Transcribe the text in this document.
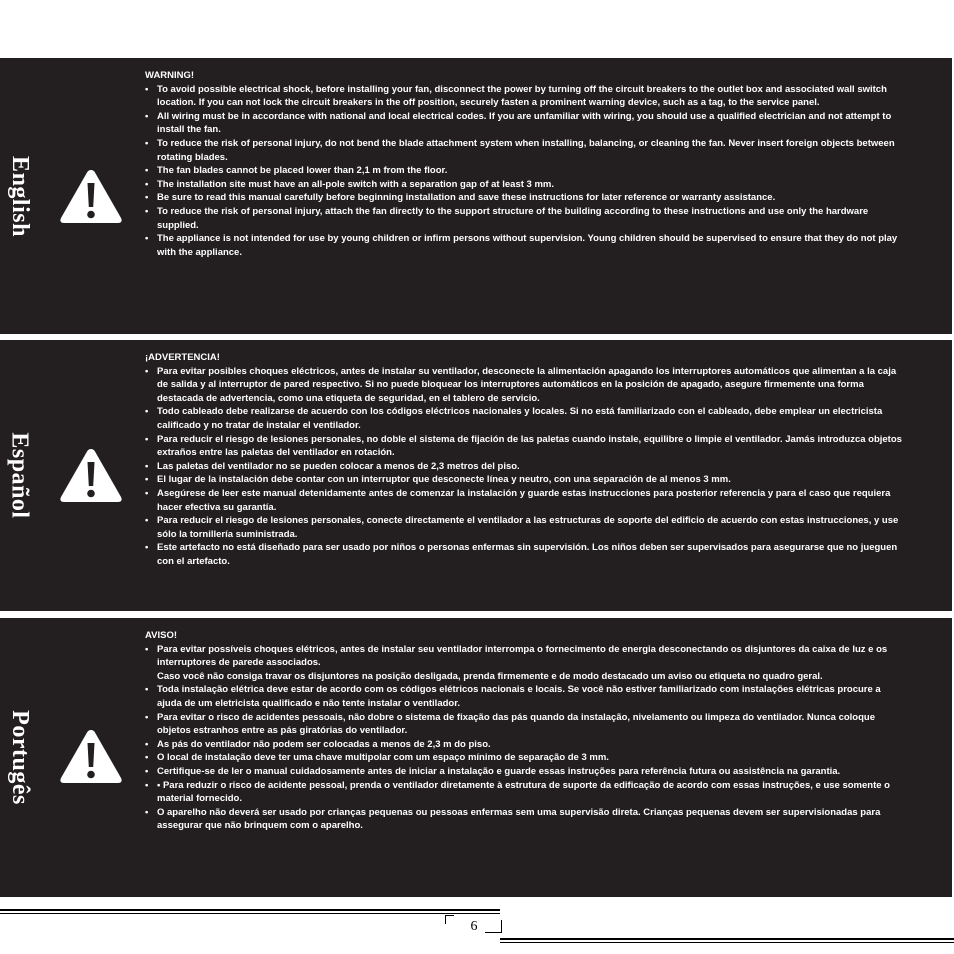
English

WARNING!

• To avoid possible electrical shock, before installing your fan, disconnect the power by turning off the circuit breakers to the outlet box and associated wall switch location. If you can not lock the circuit breakers in the off position, securely fasten a prominent warning device, such as a tag, to the service panel.
• All wiring must be in accordance with national and local electrical codes. If you are unfamiliar with wiring, you should use a qualified electrician and not attempt to install the fan.
• To reduce the risk of personal injury, do not bend the blade attachment system when installing, balancing, or cleaning the fan. Never insert foreign objects between rotating blades.
• The fan blades cannot be placed lower than 2,1 m from the floor.
• The installation site must have an all-pole switch with a separation gap of at least 3 mm.
• Be sure to read this manual carefully before beginning installation and save these instructions for later reference or warranty assistance.
• To reduce the risk of personal injury, attach the fan directly to the support structure of the building according to these instructions and use only the hardware supplied.
• The appliance is not intended for use by young children or infirm persons without supervision. Young children should be supervised to ensure that they do not play with the appliance.
Español

¡ADVERTENCIA!

• Para evitar posibles choques eléctricos, antes de instalar su ventilador, desconecte la alimentación apagando los interruptores automáticos que alimentan a la caja de salida y al interruptor de pared respectivo. Si no puede bloquear los interruptores automáticos en la posición de apagado, asegure firmemente una forma destacada de advertencia, como una etiqueta de seguridad, en el tablero de servicio.
• Todo cableado debe realizarse de acuerdo con los códigos eléctricos nacionales y locales. Si no está familiarizado con el cableado, debe emplear un electricista calificado y no tratar de instalar el ventilador.
• Para reducir el riesgo de lesiones personales, no doble el sistema de fijación de las paletas cuando instale, equilibre o limpie el ventilador. Jamás introduzca objetos extraños entre las paletas del ventilador en rotación.
• Las paletas del ventilador no se pueden colocar a menos de 2,3 metros del piso.
• El lugar de la instalación debe contar con un interruptor que desconecte línea y neutro, con una separación de al menos 3 mm.
• Asegúrese de leer este manual detenidamente antes de comenzar la instalación y guarde estas instrucciones para posterior referencia y para el caso que requiera hacer efectiva su garantía.
• Para reducir el riesgo de lesiones personales, conecte directamente el ventilador a las estructuras de soporte del edificio de acuerdo con estas instrucciones, y use sólo la tornillería suministrada.
• Este artefacto no está diseñado para ser usado por niños o personas enfermas sin supervisión. Los niños deben ser supervisados para asegurarse que no jueguen con el artefacto.
Portugês

AVISO!

• Para evitar possíveis choques elétricos, antes de instalar seu ventilador interrompa o fornecimento de energia desconectando os disjuntores da caixa de luz e os interruptores de parede associados.
Caso você não consiga travar os disjuntores na posição desligada, prenda firmemente e de modo destacado um aviso ou etiqueta no quadro geral.
• Toda instalação elétrica deve estar de acordo com os códigos elétricos nacionais e locais. Se você não estiver familiarizado com instalações elétricas procure a ajuda de um eletricista qualificado e não tente instalar o ventilador.
• Para evitar o risco de acidentes pessoais, não dobre o sistema de fixação das pás quando da instalação, nivelamento ou limpeza do ventilador. Nunca coloque objetos estranhos entre as pás giratórias do ventilador.
• As pás do ventilador não podem ser colocadas a menos de 2,3 m do piso.
• O local de instalação deve ter uma chave multipolar com um espaço mínimo de separação de 3 mm.
• Certifique-se de ler o manual cuidadosamente antes de iniciar a instalação e guarde essas instruções para referência futura ou assistência na garantia.
• • Para reduzir o risco de acidente pessoal, prenda o ventilador diretamente à estrutura de suporte da edificação de acordo com essas instruções, e use somente o material fornecido.
• O aparelho não deverá ser usado por crianças pequenas ou pessoas enfermas sem uma supervisão direta. Crianças pequenas devem ser supervisionadas para assegurar que não brinquem com o aparelho.
6
